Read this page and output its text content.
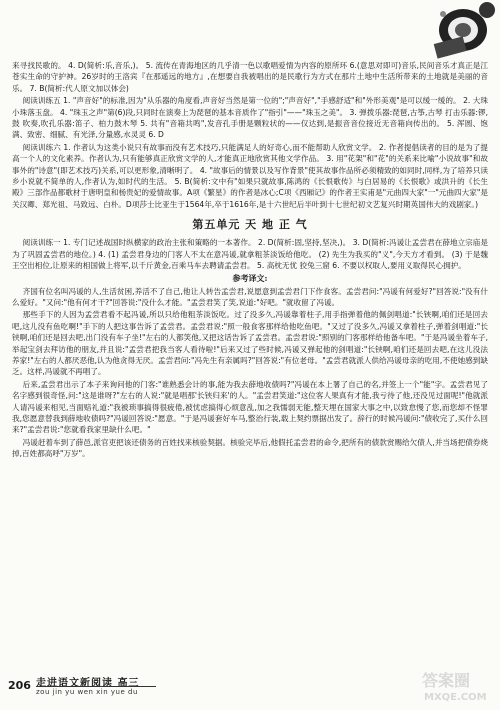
来寻找民歌的。 4. D(简析:乐,音乐,)。 5. 流传在青海地区的几乎清一色以歌唱爱情为内容的原所环 6.(意思对即可)音乐,民间音乐才真正是江苍实生命的守护神。26岁时的王洛宾『在那遥远的地方』,在想要自我被唱出的是民歌行为方式在那片土地中生活所带来的土地就是美丽的音乐。 7. B(简析:代人原文加以体会)

阅读训练五 1. "声音好"的标准,因为"从乐器的角度看,声音好当然是第一位的";"声音好","手感舒适"和"外形美观"是可以缓一缓的。 2. 大珠小珠落玉盘。 4. "珠玉之声"第(6)段,只同时在演奏上为琵琶的基本音质作了"指引"——"珠玉之美"。 3. 弹拨乐器:琵琶,古筝,古琴 打击乐器:锣,鼓 吹奏,吹孔乐器:笛子、柏力鼓木琴 5. 共有"音箱共鸣",发音孔手册是颗粒状的——仅达到,是振音音位接近无音箱向传出的。 5. 浑圆、饱满、致密、细腻、有光泽,分量感,水灵灵 6. D

阅读训练六 1. 作者认为这类小说只有故事而没有艺术技巧,只能满足人的好奇心,而不能帮助人欣赏文学。 2. 作者提倡读者的目的是为了提高一个人的文化素养。作者认为,只有能够真正欣赏文学的人,才能真正地欣赏其他文学作品。 3. 用"花架"和"花"的关系来比喻"小说故事"和故事外的"诗意"(即艺术技巧)关系,可以更形象,清晰明了。 4. "故事后的情景以及写作背景"使其故事作品所必须精致的如同时,同样,为了培养只读乡小说就不简单的人,作者认为,如时代的生活。 5. B(简析:文中有"如果只就故事,陈鸿的《长恨歌传》与白居易的《长恨歌》或洪升的《长生殿》三部作品都歌材于唐明皇和杨贵妃的爱情故事。A项《繁星》的作者是冰心;C项《西厢记》的作者王实甫是"元曲四大家"一"元曲四大家"是关汉卿、郑光祖、马致远、白朴。D项莎士比亚生于1564年,卒于1616年,是十六世纪后半叶到十七世纪初文艺复兴时期英国伟大的戏剧家。)

第五单元 天 地 正 气

阅读训练一 1. 专门记述战国时纵横家的政治主张和策略的一本著作。 2. D(简析:固,坚持,坚决,)。 3. D(简析:冯谖让孟尝君在薛地立宗庙是为了巩固孟尝君的地位。) 4. (1) 孟尝君身边的门客人不太在意冯谖,就拿粗茶淡饭给他吃。 (2) 先生为我买的"义",今天方才看到。 (3) 于是魏王空出相位,让原来的相国做上将军,以千斤黄金,百乘马车去聘请孟尝君。 5. 高枕无忧 狡兔三窟 6. 不要以权取人,要用义取得民心拥护。

参考译文:

齐国有位名叫冯谖的人,生活贫困,养活不了自己,他让人转告孟尝君,说愿意到孟尝君门下作食客。孟尝君问:"冯谖有何爱好?"回答说:"没有什么爱好。"又问:"他有何才干?"回答说:"没什么才能。"孟尝君笑了笑,说道:"好吧。"就收留了冯谖。

那些手下的人因为孟尝君看不起冯谖,所以只给他粗茶淡饭吃。过了没多久,冯谖靠着柱子,用手指弹着他的佩剑唱道:"长铗啊,咱们还是回去吧,这儿没有鱼吃啊!"手下的人把这事告诉了孟尝君。孟尝君说:"照一般食客那样给他吃鱼吧。"又过了没多久,冯谖又拿着柱子,弹着剑唱道:"长铗啊,咱们还是回去吧,出门没有车子坐!"左右的人都笑他,又把这话告诉了孟尝君。孟尝君说:"照别的门客那样给他备车吧。"于是冯谖坐着车子,举起宝剑去拜访他的朋友,并且说:"孟尝君把我当客人看待啦!"后来又过了些时候,冯谖又弹起他的剑唱道:"长铗啊,咱们还是回去吧,在这儿没法养家!"左右的人都厌恶他,认为他贪得无厌。孟尝君问:"冯先生有亲属吗?"回答说:"有位老母。"孟尝君就派人供给冯谖母亲的吃用,不使她感到缺乏。这样,冯谖就不再唱了。

后来,孟尝君出示了本子来询问他的门客:"谁熟悉会计的事,能为我去薛地收债吗?"冯谖在本上署了自己的名,并签上一个"能"字。孟尝君见了名字感到很奇怪,问:"这是谁呀?"左右的人说:"就是唱那'长铗归来'的人。"孟尝君笑道:"这位客人果真有才能,我亏待了他,还没见过面呢!"他就派人请冯谖来相见,当面赔礼道:"我被琐事搞得很疲倦,被忧虑搞得心烦意乱,加之我懦弱无能,整天埋在国家大事之中,以致怠慢了您,而您却不怪罪我,您愿意替我到薛地收债吗?"冯谖回答说:"愿意。"于是冯谖套好车马,整治行装,载上契约票据出发了。辞行的时候冯谖问:"债收完了,买什么回来?"孟尝君说:"您就看我家里缺什么吧。"

冯谖赶着车到了薛邑,派官吏把该还债务的百姓找来核验契据。核验完毕后,他假托孟尝君的命令,把所有的债款赏赐给欠债人,并当场把债券烧掉,百姓都高呼"万岁"。

206 走进语文新阅读 高三
zou jin yu wen xin yue du
答案圈
MXQE.COM
